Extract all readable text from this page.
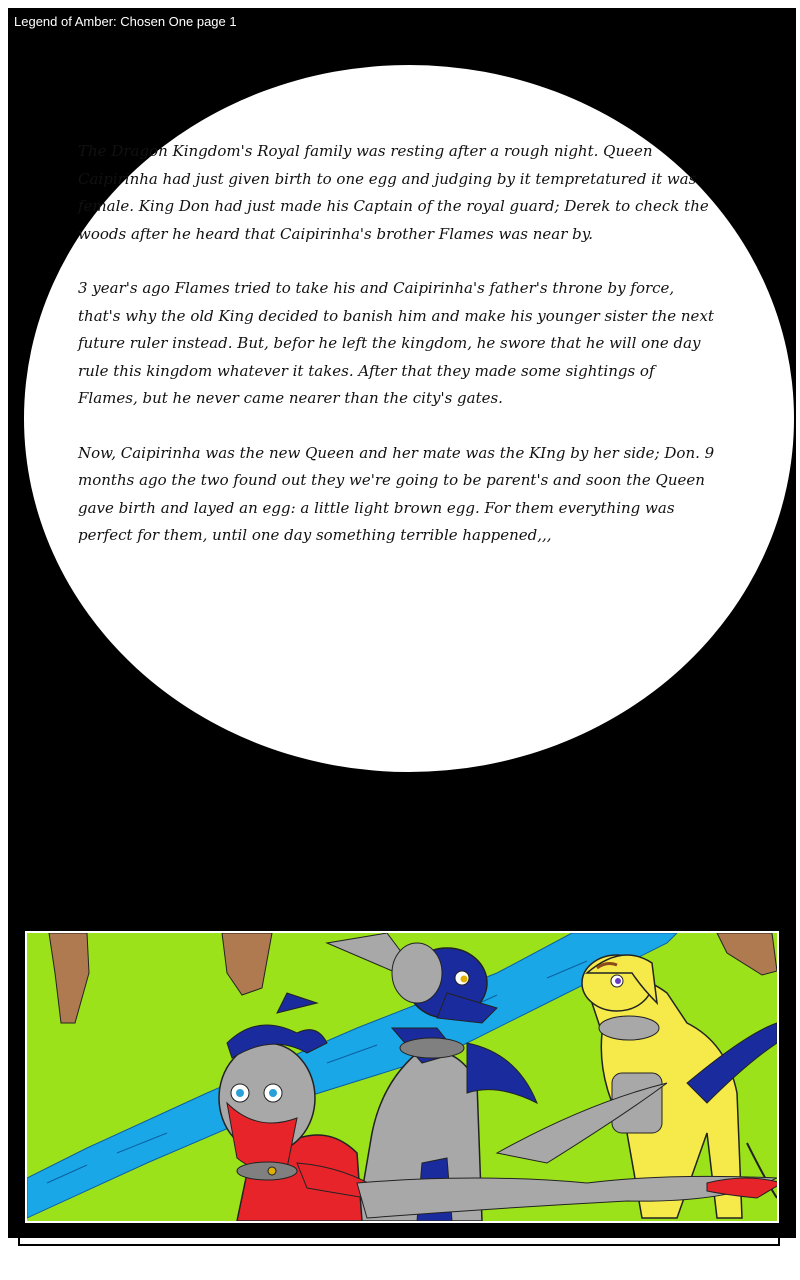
Legend of Amber: Chosen One page 1

The Dragon Kingdom's Royal family was resting after a rough night. Queen Caipirinha had just given birth to one egg and judging by it tempretatured it was female. King Don had just made his Captain of the royal guard; Derek to check the woods after he heard that Caipirinha's brother Flames was near by.

3 year's ago Flames tried to take his and Caipirinha's father's throne by force, that's why the old King decided to banish him and make his younger sister the next future ruler instead. But, befor he left the kingdom, he swore that he will one day rule this kingdom whatever it takes. After that they made some sightings of Flames, but he never came nearer than the city's gates.

Now, Caipirinha was the new Queen and her mate was the KIng by her side; Don. 9 months ago the two found out they we're going to be parent's and soon the Queen gave birth and layed an egg: a little light brown egg. For them everything was perfect for them, until one day something terrible happened,,,
